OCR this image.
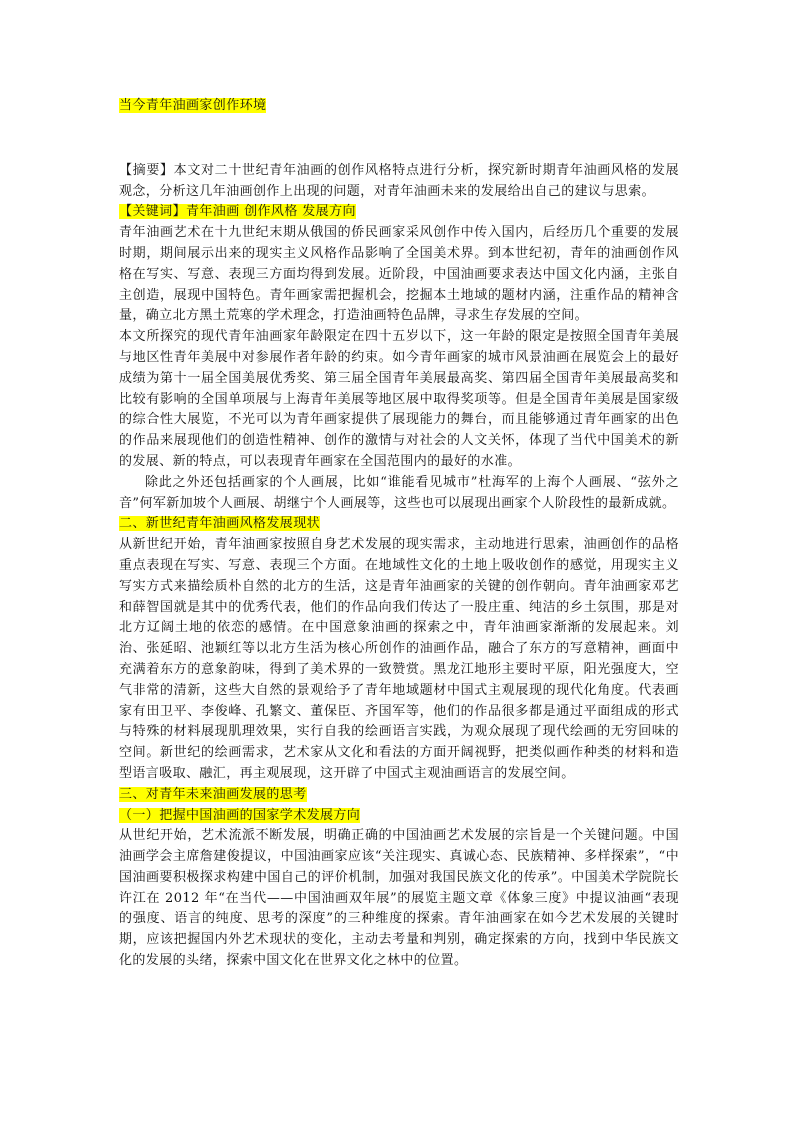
当今青年油画家创作环境

【摘要】本文对二十世纪青年油画的创作风格特点进行分析，探究新时期青年油画风格的发展观念，分析这几年油画创作上出现的问题，对青年油画未来的发展给出自己的建议与思索。

【关键词】青年油画 创作风格 发展方向

青年油画艺术在十九世纪末期从俄国的侨民画家采风创作中传入国内，后经历几个重要的发展时期，期间展示出来的现实主义风格作品影响了全国美术界。到本世纪初，青年的油画创作风格在写实、写意、表现三方面均得到发展。近阶段，中国油画要求表达中国文化内涵，主张自主创造，展现中国特色。青年画家需把握机会，挖掘本土地域的题材内涵，注重作品的精神含量，确立北方黑土荒寒的学术理念，打造油画特色品牌，寻求生存发展的空间。

本文所探究的现代青年油画家年龄限定在四十五岁以下，这一年龄的限定是按照全国青年美展与地区性青年美展中对参展作者年龄的约束。如今青年画家的城市风景油画在展览会上的最好成绩为第十一届全国美展优秀奖、第三届全国青年美展最高奖、第四届全国青年美展最高奖和比较有影响的全国单项展与上海青年美展等地区展中取得奖项等。但是全国青年美展是国家级的综合性大展览，不光可以为青年画家提供了展现能力的舞台，而且能够通过青年画家的出色的作品来展现他们的创造性精神、创作的激情与对社会的人文关怀，体现了当代中国美术的新的发展、新的特点，可以表现青年画家在全国范围内的最好的水准。

除此之外还包括画家的个人画展，比如“谁能看见城市”杜海军的上海个人画展、“弦外之音”何军新加坡个人画展、胡继宁个人画展等，这些也可以展现出画家个人阶段性的最新成就。

二、新世纪青年油画风格发展现状

从新世纪开始，青年油画家按照自身艺术发展的现实需求，主动地进行思索，油画创作的品格重点表现在写实、写意、表现三个方面。在地域性文化的土地上吸收创作的感觉，用现实主义写实方式来描绘质朴自然的北方的生活，这是青年油画家的关键的创作朝向。青年油画家邓艺和薛智国就是其中的优秀代表，他们的作品向我们传达了一股庄重、纯洁的乡土氛围，那是对北方辽阔土地的依恋的感情。在中国意象油画的探索之中，青年油画家渐渐的发展起来。刘治、张延昭、池颖红等以北方生活为核心所创作的油画作品，融合了东方的写意精神，画面中充满着东方的意象韵味，得到了美术界的一致赞赏。黑龙江地形主要时平原，阳光强度大，空气非常的清新，这些大自然的景观给予了青年地域题材中国式主观展现的现代化角度。代表画家有田卫平、李俊峰、孔繁文、董保臣、齐国军等，他们的作品很多都是通过平面组成的形式与特殊的材料展现肌理效果，实行自我的绘画语言实践，为观众展现了现代绘画的无穷回味的空间。新世纪的绘画需求，艺术家从文化和看法的方面开阔视野，把类似画作种类的材料和造型语言吸取、融汇，再主观展现，这开辟了中国式主观油画语言的发展空间。

三、对青年未来油画发展的思考

（一）把握中国油画的国家学术发展方向

从世纪开始，艺术流派不断发展，明确正确的中国油画艺术发展的宗旨是一个关键问题。中国油画学会主席詹建俊提议，中国油画家应该“关注现实、真诚心态、民族精神、多样探索”，“中国油画要积极探求构建中国自己的评价机制，加强对我国民族文化的传承”。中国美术学院院长许江在 2012 年“在当代——中国油画双年展”的展览主题文章《体象三度》中提议油画“表现的强度、语言的纯度、思考的深度”的三种维度的探索。青年油画家在如今艺术发展的关键时期，应该把握国内外艺术现状的变化，主动去考量和判别，确定探索的方向，找到中华民族文化的发展的头绪，探索中国文化在世界文化之林中的位置。
